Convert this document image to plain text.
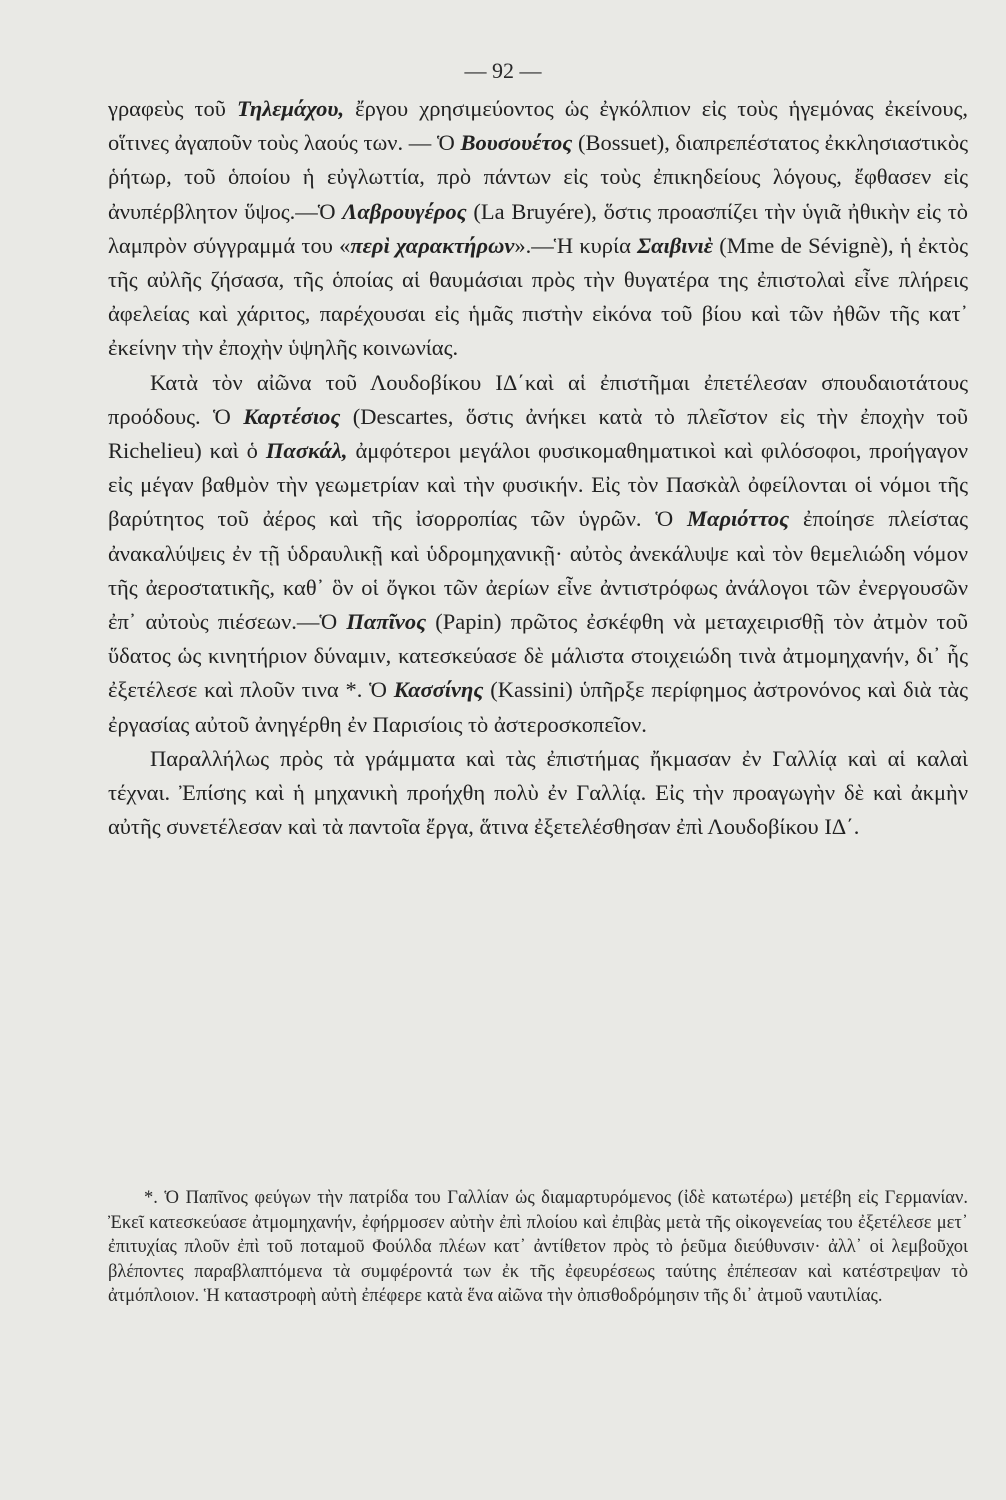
— 92 —

γραφεὺς τοῦ Τηλεμάχου, ἔργου χρησιμεύοντος ὡς ἐγκόλπιον εἰς τοὺς ἡγεμόνας ἐκείνους, οἵτινες ἀγαποῦν τοὺς λαούς των. — Ὁ Βουσουέτος (Bossuet), διαπρεπέστατος ἐκκλησιαστικὸς ῥήτωρ, τοῦ ὁποίου ἡ εὐγλωττία, πρὸ πάντων εἰς τοὺς ἐπικηδείους λόγους, ἔφθασεν εἰς ἀνυπέρβλητον ὕψος.—Ὁ Λαβρουγέρος (La Bruyére), ὅστις προασπίζει τὴν ὑγιᾶ ἠθικὴν εἰς τὸ λαμπρὸν σύγγραμμά του «περὶ χαρακτήρων».—Ἡ κυρία Σαιβινιὲ (Mme de Sévignè), ἡ ἐκτὸς τῆς αὐλῆς ζήσασα, τῆς ὁποίας αἱ θαυμάσιαι πρὸς τὴν θυγατέρα της ἐπιστολαὶ εἶνε πλήρεις ἀφελείας καὶ χάριτος, παρέχουσαι εἰς ἡμᾶς πιστὴν εἰκόνα τοῦ βίου καὶ τῶν ἠθῶν τῆς κατ᾽ ἐκείνην τὴν ἐποχὴν ὑψηλῆς κοινωνίας.

Κατὰ τὸν αἰῶνα τοῦ Λουδοβίκου ΙΔ΄καὶ αἱ ἐπιστῆμαι ἐπετέλεσαν σπουδαιοτάτους προόδους. Ὁ Καρτέσιος (Descartes, ὅστις ἀνήκει κατὰ τὸ πλεῖστον εἰς τὴν ἐποχὴν τοῦ Richelieu) καὶ ὁ Πασκάλ, ἀμφότεροι μεγάλοι φυσικομαθηματικοὶ καὶ φιλόσοφοι, προήγαγον εἰς μέγαν βαθμὸν τὴν γεωμετρίαν καὶ τὴν φυσικήν. Εἰς τὸν Πασκὰλ ὀφείλονται οἱ νόμοι τῆς βαρύτητος τοῦ ἀέρος καὶ τῆς ἰσορροπίας τῶν ὑγρῶν. Ὁ Μαριόττος ἐποίησε πλείστας ἀνακαλύψεις ἐν τῇ ὑδραυλικῇ καὶ ὑδρομηχανικῇ· αὐτὸς ἀνεκάλυψε καὶ τὸν θεμελιώδη νόμον τῆς ἀεροστατικῆς, καθ᾽ ὃν οἱ ὄγκοι τῶν ἀερίων εἶνε ἀντιστρόφως ἀνάλογοι τῶν ἐνεργουσῶν ἐπ᾽ αὐτοὺς πιέσεων.—Ὁ Παπῖνος (Papin) πρῶτος ἐσκέφθη νὰ μεταχειρισθῇ τὸν ἀτμὸν τοῦ ὕδατος ὡς κινητήριον δύναμιν, κατεσκεύασε δὲ μάλιστα στοιχειώδη τινὰ ἀτμομηχανήν, δι᾽ ἧς ἐξετέλεσε καὶ πλοῦν τινα *. Ὁ Κασσίνης (Kassini) ὑπῆρξε περίφημος ἀστρονόνος καὶ διὰ τὰς ἐργασίας αὐτοῦ ἀνηγέρθη ἐν Παρισίοις τὸ ἀστεροσκοπεῖον.

Παραλλήλως πρὸς τὰ γράμματα καὶ τὰς ἐπιστήμας ἤκμασαν ἐν Γαλλίᾳ καὶ αἱ καλαὶ τέχναι. Ἐπίσης καὶ ἡ μηχανικὴ προήχθη πολὺ ἐν Γαλλίᾳ. Εἰς τὴν προαγωγὴν δὲ καὶ ἀκμὴν αὐτῆς συνετέλεσαν καὶ τὰ παντοῖα ἔργα, ἅτινα ἐξετελέσθησαν ἐπὶ Λουδοβίκου ΙΔ΄.

*. Ὁ Παπῖνος φεύγων τὴν πατρίδα του Γαλλίαν ὡς διαμαρτυρόμενος (ἰδὲ κατωτέρω) μετέβη εἰς Γερμανίαν. Ἐκεῖ κατεσκεύασε ἀτμομηχανήν, ἐφήρμοσεν αὐτὴν ἐπὶ πλοίου καὶ ἐπιβὰς μετὰ τῆς οἰκογενείας του ἐξετέλεσε μετ᾽ ἐπιτυχίας πλοῦν ἐπὶ τοῦ ποταμοῦ Φούλδα πλέων κατ᾽ ἀντίθετον πρὸς τὸ ῥεῦμα διεύθυνσιν· ἀλλ᾽ οἱ λεμβοῦχοι βλέποντες παραβλαπτόμενα τὰ συμφέροντά των ἐκ τῆς ἐφευρέσεως ταύτης ἐπέπεσαν καὶ κατέστρεψαν τὸ ἀτμόπλοιον. Ἡ καταστροφὴ αὐτὴ ἐπέφερε κατὰ ἕνα αἰῶνα τὴν ὀπισθοδρόμησιν τῆς δι᾽ ἀτμοῦ ναυτιλίας.
